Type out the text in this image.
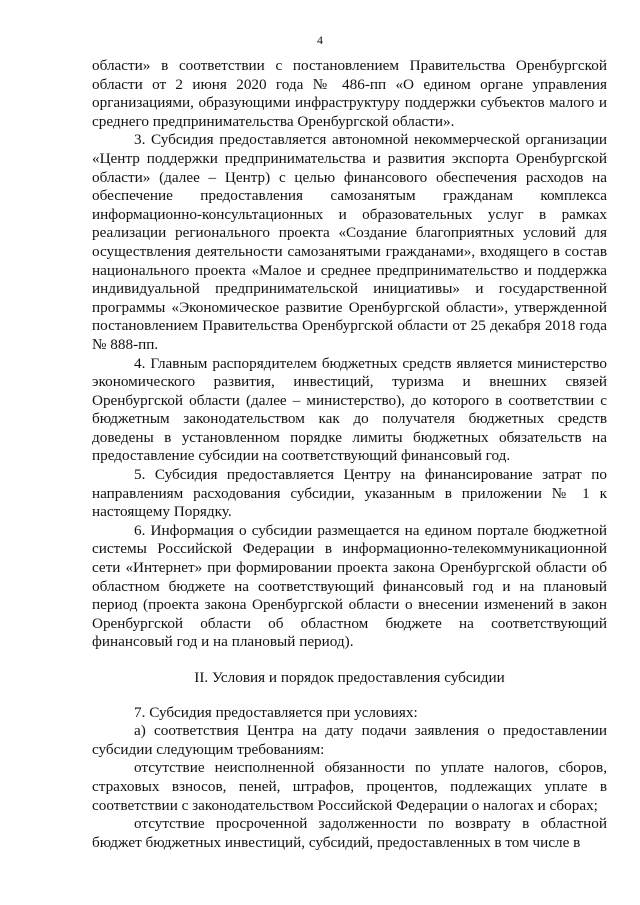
4

области» в соответствии с постановлением Правительства Оренбургской области от 2 июня 2020 года № 486-пп «О едином органе управления организациями, образующими инфраструктуру поддержки субъектов малого и среднего предпринимательства Оренбургской области».

3. Субсидия предоставляется автономной некоммерческой организации «Центр поддержки предпринимательства и развития экспорта Оренбургской области» (далее – Центр) с целью финансового обеспечения расходов на обеспечение предоставления самозанятым гражданам комплекса информационно-консультационных и образовательных услуг в рамках реализации регионального проекта «Создание благоприятных условий для осуществления деятельности самозанятыми гражданами», входящего в состав национального проекта «Малое и среднее предпринимательство и поддержка индивидуальной предпринимательской инициативы» и государственной программы «Экономическое развитие Оренбургской области», утвержденной постановлением Правительства Оренбургской области от 25 декабря 2018 года № 888-пп.

4. Главным распорядителем бюджетных средств является министерство экономического развития, инвестиций, туризма и внешних связей Оренбургской области (далее – министерство), до которого в соответствии с бюджетным законодательством как до получателя бюджетных средств доведены в установленном порядке лимиты бюджетных обязательств на предоставление субсидии на соответствующий финансовый год.

5. Субсидия предоставляется Центру на финансирование затрат по направлениям расходования субсидии, указанным в приложении № 1 к настоящему Порядку.

6. Информация о субсидии размещается на едином портале бюджетной системы Российской Федерации в информационно-телекоммуникационной сети «Интернет» при формировании проекта закона Оренбургской области об областном бюджете на соответствующий финансовый год и на плановый период (проекта закона Оренбургской области о внесении изменений в закон Оренбургской области об областном бюджете на соответствующий финансовый год и на плановый период).

II. Условия и порядок предоставления субсидии

7. Субсидия предоставляется при условиях:

а) соответствия Центра на дату подачи заявления о предоставлении субсидии следующим требованиям:

отсутствие неисполненной обязанности по уплате налогов, сборов, страховых взносов, пеней, штрафов, процентов, подлежащих уплате в соответствии с законодательством Российской Федерации о налогах и сборах;

отсутствие просроченной задолженности по возврату в областной бюджет бюджетных инвестиций, субсидий, предоставленных в том числе в
